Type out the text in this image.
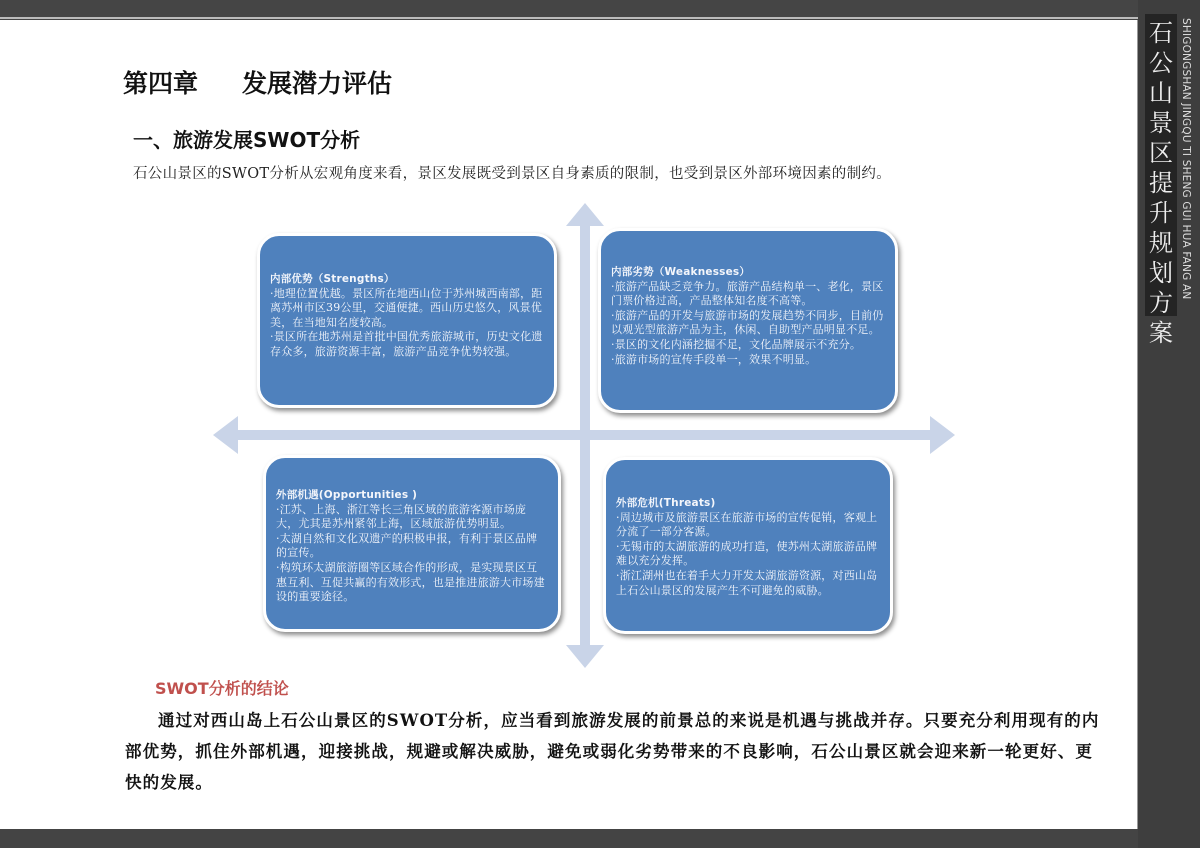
石公山景区提升规划方案
SHIGONGSHAN JINGQU TI SHENG GUI HUA FANG AN
第四章 发展潜力评估
一、旅游发展SWOT分析
石公山景区的SWOT分析从宏观角度来看，景区发展既受到景区自身素质的限制，也受到景区外部环境因素的制约。
内部优势（Strengths）
·地理位置优越。景区所在地西山位于苏州城西南部，距离苏州市区39公里，交通便捷。西山历史悠久，风景优美，在当地知名度较高。
·景区所在地苏州是首批中国优秀旅游城市，历史文化遗存众多，旅游资源丰富，旅游产品竞争优势较强。
内部劣势（Weaknesses）
·旅游产品缺乏竞争力。旅游产品结构单一、老化，景区门票价格过高，产品整体知名度不高等。
·旅游产品的开发与旅游市场的发展趋势不同步，目前仍以观光型旅游产品为主，休闲、自助型产品明显不足。
·景区的文化内涵挖掘不足，文化品牌展示不充分。
·旅游市场的宣传手段单一，效果不明显。
外部机遇(Opportunities )
·江苏、上海、浙江等长三角区域的旅游客源市场庞大，尤其是苏州紧邻上海，区域旅游优势明显。
·太湖自然和文化双遗产的积极申报，有利于景区品牌的宣传。
·构筑环太湖旅游圈等区域合作的形成，是实现景区互惠互利、互促共赢的有效形式，也是推进旅游大市场建设的重要途径。
外部危机(Threats)
·周边城市及旅游景区在旅游市场的宣传促销，客观上分流了一部分客源。
·无锡市的太湖旅游的成功打造，使苏州太湖旅游品牌难以充分发挥。
·浙江湖州也在着手大力开发太湖旅游资源，对西山岛上石公山景区的发展产生不可避免的威胁。
SWOT分析的结论
通过对西山岛上石公山景区的SWOT分析，应当看到旅游发展的前景总的来说是机遇与挑战并存。只要充分利用现有的内部优势，抓住外部机遇，迎接挑战，规避或解决威胁，避免或弱化劣势带来的不良影响，石公山景区就会迎来新一轮更好、更快的发展。
